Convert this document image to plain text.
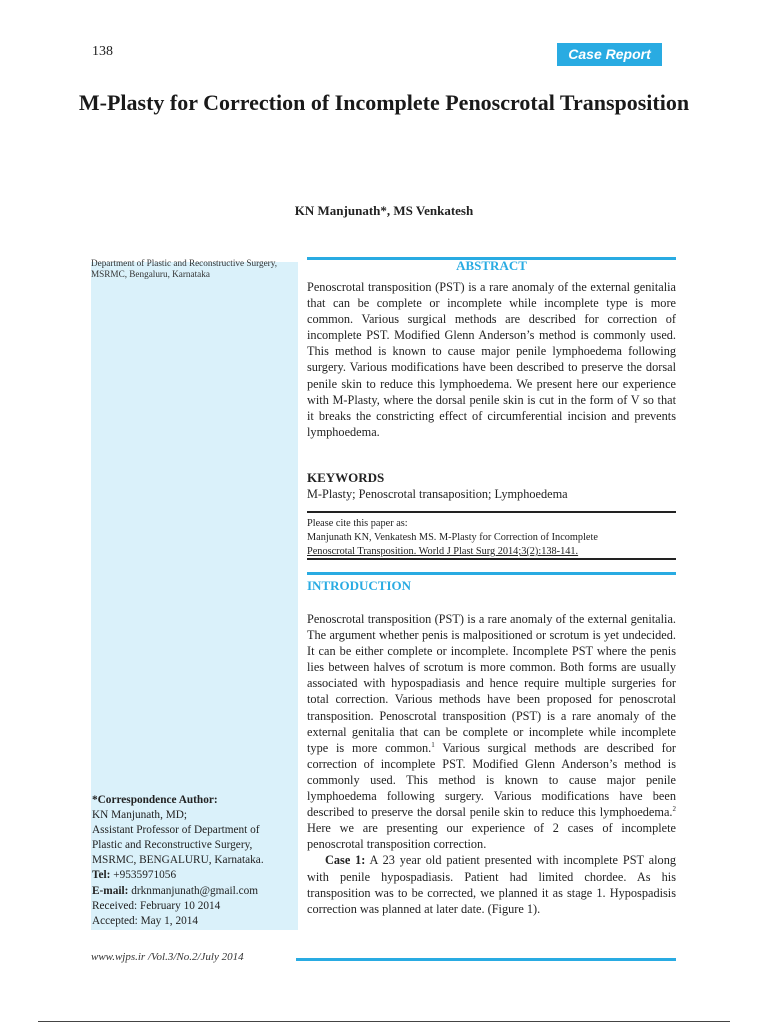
138	Case Report
M-Plasty for Correction of Incomplete Penoscrotal Transposition
KN Manjunath*, MS Venkatesh
Department of Plastic and Reconstructive Surgery, MSRMC, Bengaluru, Karnataka
*Correspondence Author:
KN Manjunath, MD;
Assistant Professor of Department of
Plastic and Reconstructive Surgery,
MSRMC, BENGALURU, Karnataka.
Tel: +9535971056
E-mail: drknmanjunath@gmail.com
Received: February 10 2014
Accepted: May 1, 2014
ABSTRACT
Penoscrotal transposition (PST) is a rare anomaly of the external genitalia that can be complete or incomplete while incomplete type is more common. Various surgical methods are described for correction of incomplete PST. Modified Glenn Anderson’s method is commonly used. This method is known to cause major penile lymphoedema following surgery. Various modifications have been described to preserve the dorsal penile skin to reduce this lymphoedema. We present here our experience with M-Plasty, where the dorsal penile skin is cut in the form of V so that it breaks the constricting effect of circumferential incision and prevents lymphoedema.
KEYWORDS
M-Plasty; Penoscrotal transaposition; Lymphoedema
Please cite this paper as:
Manjunath KN, Venkatesh MS. M-Plasty for Correction of Incomplete
Penoscrotal Transposition. World J Plast Surg 2014;3(2):138-141.
INTRODUCTION

Penoscrotal transposition (PST) is a rare anomaly of the external genitalia. The argument whether penis is malpositioned or scrotum is yet undecided. It can be either complete or incomplete. Incomplete PST where the penis lies between halves of scrotum is more common. Both forms are usually associated with hypospadiasis and hence require multiple surgeries for total correction. Various methods have been proposed for penoscrotal transposition. Penoscrotal transposition (PST) is a rare anomaly of the external genitalia that can be complete or incomplete while incomplete type is more common.$^1$ Various surgical methods are described for correction of incomplete PST. Modified Glenn Anderson’s method is commonly used. This method is known to cause major penile lymphoedema following surgery. Various modifications have been described to preserve the dorsal penile skin to reduce this lymphoedema.$^2$ Here we are presenting our experience of 2 cases of incomplete penoscrotal transposition correction.

Case 1: A 23 year old patient presented with incomplete PST along with penile hypospadiasis. Patient had limited chordee. As his transposition was to be corrected, we planned it as stage 1. Hypospadisis correction was planned at later date. (Figure 1).

www.wjps.ir /Vol.3/No.2/July 2014
